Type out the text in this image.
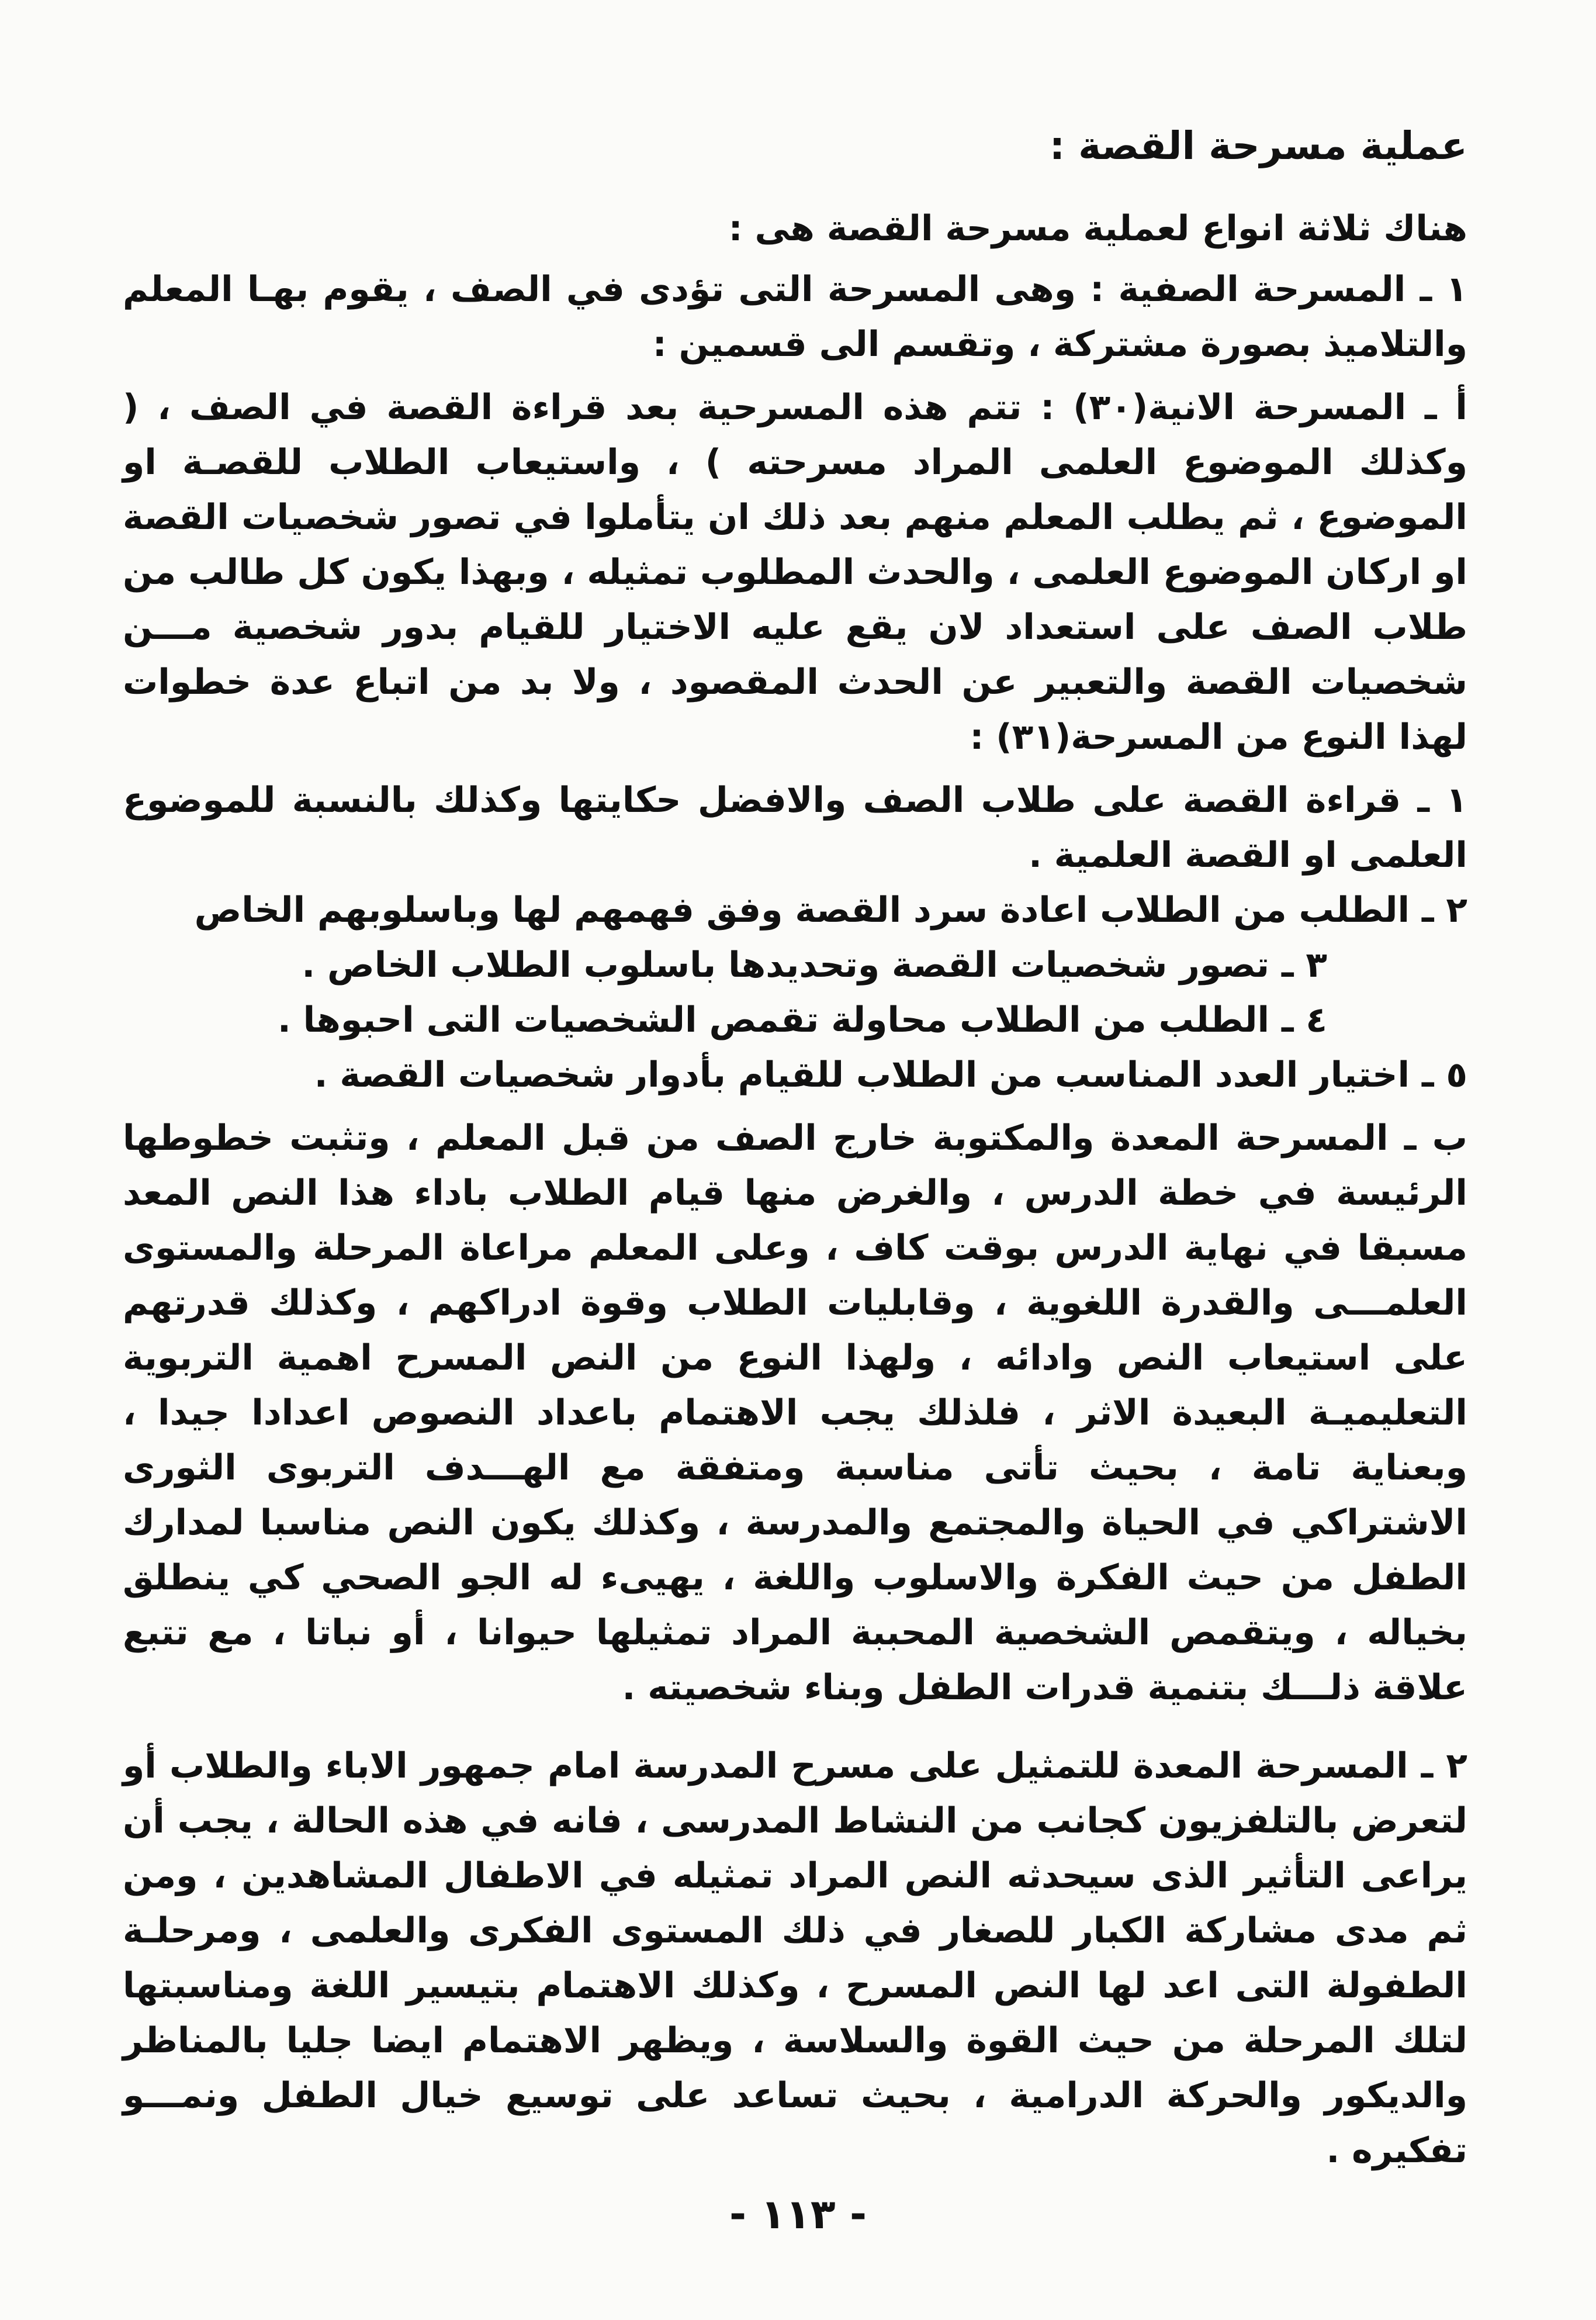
عملية مسرحة القصة :

هناك ثلاثة انواع لعملية مسرحة القصة هى :

١ ـ المسرحة الصفية : وهى المسرحة التى تؤدى في الصف ، يقوم بهـا المعلم والتلاميذ بصورة مشتركة ، وتقسم الى قسمين :

أ ـ المسرحة الانية(٣٠) : تتم هذه المسرحية بعد قراءة القصة في الصف ، ( وكذلك الموضوع العلمى المراد مسرحته ) ، واستيعاب الطلاب للقصـة او الموضوع ، ثم يطلب المعلم منهم بعد ذلك ان يتأملوا في تصور شخصيات القصة او اركان الموضوع العلمى ، والحدث المطلوب تمثيله ، وبهذا يكون كل طالب من طلاب الصف على استعداد لان يقع عليه الاختيار للقيام بدور شخصية مـــن شخصيات القصة والتعبير عن الحدث المقصود ، ولا بد من اتباع عدة خطوات لهذا النوع من المسرحة(٣١) :

١ ـ قراءة القصة على طلاب الصف والافضل حكايتها وكذلك بالنسبة للموضوع العلمى او القصة العلمية .
٢ ـ الطلب من الطلاب اعادة سرد القصة وفق فهمهم لها وباسلوبهم الخاص
٣ ـ تصور شخصيات القصة وتحديدها باسلوب الطلاب الخاص .
٤ ـ الطلب من الطلاب محاولة تقمص الشخصيات التى احبوها .
٥ ـ اختيار العدد المناسب من الطلاب للقيام بأدوار شخصيات القصة .

ب ـ المسرحة المعدة والمكتوبة خارج الصف من قبل المعلم ، وتثبت خطوطها الرئيسة في خطة الدرس ، والغرض منها قيام الطلاب باداء هذا النص المعد مسبقا في نهاية الدرس بوقت كاف ، وعلى المعلم مراعاة المرحلة والمستوى العلمـــى والقدرة اللغوية ، وقابليات الطلاب وقوة ادراكهم ، وكذلك قدرتهم على استيعاب النص وادائه ، ولهذا النوع من النص المسرح اهمية التربوية التعليميـة البعيدة الاثر ، فلذلك يجب الاهتمام باعداد النصوص اعدادا جيدا ، وبعناية تامة ، بحيث تأتى مناسبة ومتفقة مع الهـــدف التربوى الثورى الاشتراكي في الحياة والمجتمع والمدرسة ، وكذلك يكون النص مناسبا لمدارك الطفل من حيث الفكرة والاسلوب واللغة ، يهيىء له الجو الصحي كي ينطلق بخياله ، ويتقمص الشخصية المحببة المراد تمثيلها حيوانا ، أو نباتا ، مع تتبع علاقة ذلـــك بتنمية قدرات الطفل وبناء شخصيته .

٢ ـ المسرحة المعدة للتمثيل على مسرح المدرسة امام جمهور الاباء والطلاب أو لتعرض بالتلفزيون كجانب من النشاط المدرسى ، فانه في هذه الحالة ، يجب أن يراعى التأثير الذى سيحدثه النص المراد تمثيله في الاطفال المشاهدين ، ومن ثم مدى مشاركة الكبار للصغار في ذلك المستوى الفكرى والعلمى ، ومرحلـة الطفولة التى اعد لها النص المسرح ، وكذلك الاهتمام بتيسير اللغة ومناسبتها لتلك المرحلة من حيث القوة والسلاسة ، ويظهر الاهتمام ايضا جليا بالمناظر والديكور والحركة الدرامية ، بحيث تساعد على توسيع خيال الطفل ونمـــو تفكيره .

- ١١٣ -
